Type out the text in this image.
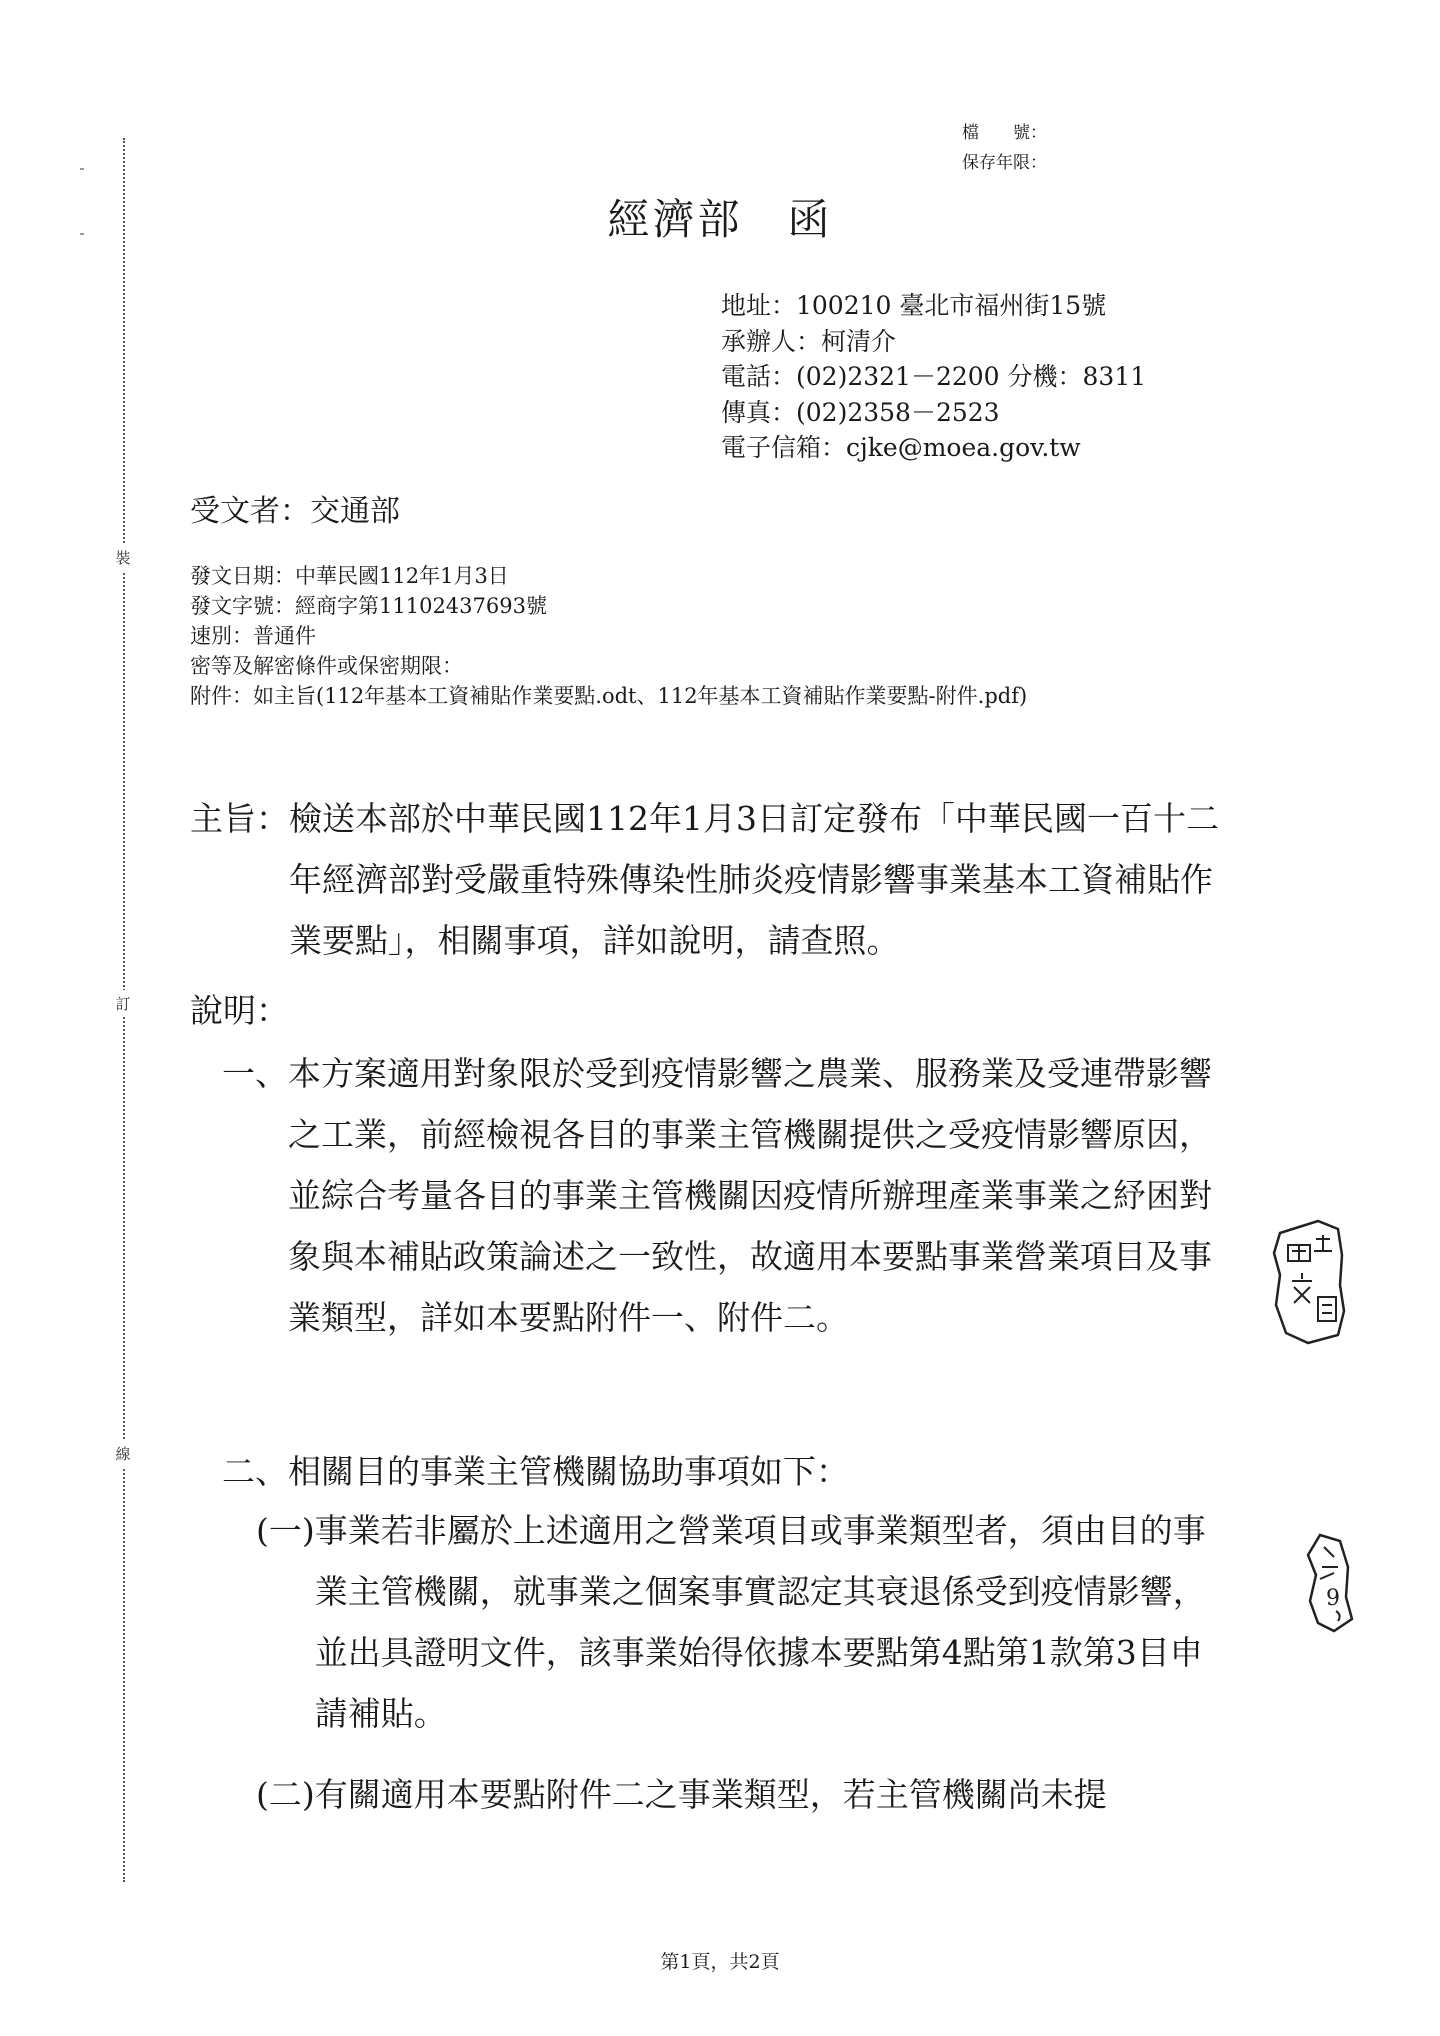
裝
訂
線
檔　　號：
保存年限：
經濟部　函
地址：100210 臺北市福州街15號
承辦人：柯清介
電話：(02)2321－2200 分機：8311
傳真：(02)2358－2523
電子信箱：cjke@moea.gov.tw
受文者：交通部
發文日期：中華民國112年1月3日
發文字號：經商字第11102437693號
速別：普通件
密等及解密條件或保密期限：
附件： 如主旨(112年基本工資補貼作業要點.odt、112年基本工資補貼作業要點-附件.pdf)
主旨： 檢送本部於中華民國112年1月3日訂定發布「中華民國一百十二年經濟部對受嚴重特殊傳染性肺炎疫情影響事業基本工資補貼作業要點」，相關事項，詳如說明，請查照。
說明：
一、 本方案適用對象限於受到疫情影響之農業、服務業及受連帶影響之工業，前經檢視各目的事業主管機關提供之受疫情影響原因，並綜合考量各目的事業主管機關因疫情所辦理產業事業之紓困對象與本補貼政策論述之一致性，故適用本要點事業營業項目及事業類型，詳如本要點附件一、附件二。
二、 相關目的事業主管機關協助事項如下：
(一) 事業若非屬於上述適用之營業項目或事業類型者，須由目的事業主管機關，就事業之個案事實認定其衰退係受到疫情影響，並出具證明文件，該事業始得依據本要點第4點第1款第3目申請補貼。
(二) 有關適用本要點附件二之事業類型，若主管機關尚未提
9
第1頁，共2頁
